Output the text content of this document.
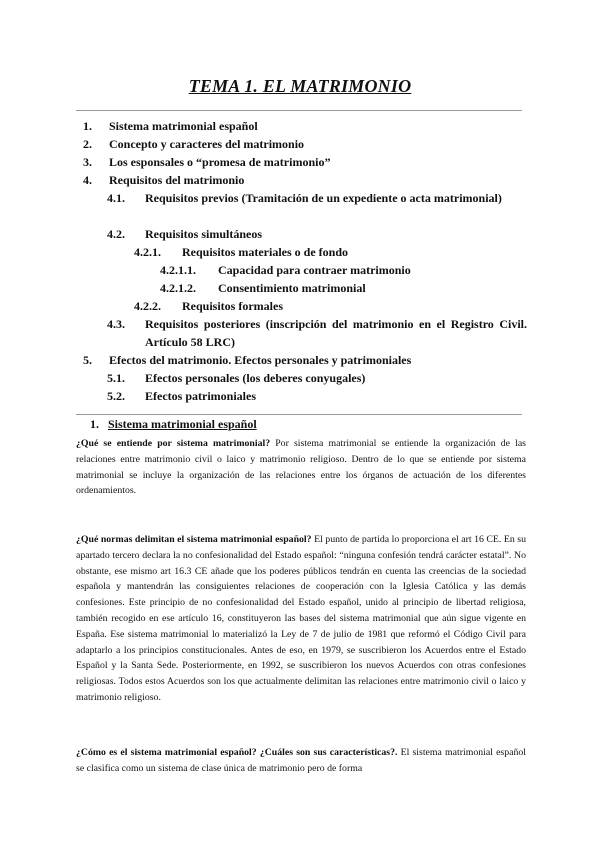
TEMA 1. EL MATRIMONIO
1. Sistema matrimonial español
2. Concepto y caracteres del matrimonio
3. Los esponsales o “promesa de matrimonio”
4. Requisitos del matrimonio
4.1. Requisitos previos (Tramitación de un expediente o acta matrimonial)
4.2. Requisitos simultáneos
4.2.1. Requisitos materiales o de fondo
4.2.1.1. Capacidad para contraer matrimonio
4.2.1.2. Consentimiento matrimonial
4.2.2. Requisitos formales
4.3. Requisitos posteriores (inscripción del matrimonio en el Registro Civil. Artículo 58 LRC)
5. Efectos del matrimonio. Efectos personales y patrimoniales
5.1. Efectos personales (los deberes conyugales)
5.2. Efectos patrimoniales
1. Sistema matrimonial español
¿Qué se entiende por sistema matrimonial? Por sistema matrimonial se entiende la organización de las relaciones entre matrimonio civil o laico y matrimonio religioso. Dentro de lo que se entiende por sistema matrimonial se incluye la organización de las relaciones entre los órganos de actuación de los diferentes ordenamientos.
¿Qué normas delimitan el sistema matrimonial español? El punto de partida lo proporciona el art 16 CE. En su apartado tercero declara la no confesionalidad del Estado español: “ninguna confesión tendrá carácter estatal”. No obstante, ese mismo art 16.3 CE añade que los poderes públicos tendrán en cuenta las creencias de la sociedad española y mantendrán las consiguientes relaciones de cooperación con la Iglesia Católica y las demás confesiones. Este principio de no confesionalidad del Estado español, unido al principio de libertad religiosa, también recogido en ese artículo 16, constituyeron las bases del sistema matrimonial que aún sigue vigente en España. Ese sistema matrimonial lo materializó la Ley de 7 de julio de 1981 que reformó el Código Civil para adaptarlo a los principios constitucionales. Antes de eso, en 1979, se suscribieron los Acuerdos entre el Estado Español y la Santa Sede. Posteriormente, en 1992, se suscribieron los nuevos Acuerdos con otras confesiones religiosas. Todos estos Acuerdos son los que actualmente delimitan las relaciones entre matrimonio civil o laico y matrimonio religioso.
¿Cómo es el sistema matrimonial español? ¿Cuáles son sus características?. El sistema matrimonial español se clasifica como un sistema de clase única de matrimonio pero de forma
